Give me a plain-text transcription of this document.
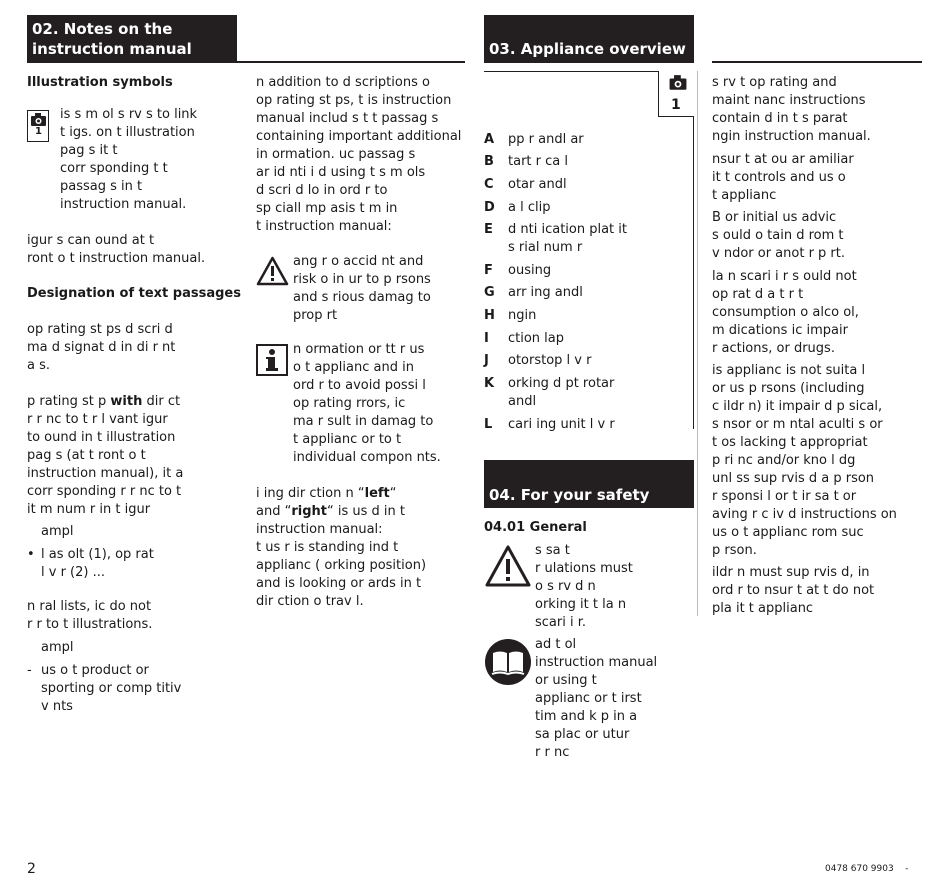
02. Notes on the
instruction manual
Illustration symbols
1

is s m ol s rv s to link

t igs. on t illustration

pag s it t

corr sponding t t

passag s in t

instruction manual.

igur s can ound at t

ront o t instruction manual.

Designation of text passages

op rating st ps d scri d

ma d signat d in di r nt

a s.

p rating st p with dir ct

r r nc to t r l vant igur

to ound in t illustration

pag s (at t ront o t

instruction manual), it a

corr sponding r r nc to t

it m num r in t igur

ampl
• l as olt (1), op rat

l v r (2) ...

n ral lists, ic do not

r r to t illustrations.

ampl
- us o t product or

sporting or comp titiv

v nts

n addition to d scriptions o

op rating st ps, t is instruction

manual includ s t t passag s

containing important additional

in ormation. uc passag s

ar id nti i d using t s m ols

d scri d lo in ord r to

sp ciall mp asis t m in

t instruction manual:

ang r o accid nt and

risk o in ur to p rsons

and s rious damag to

prop rt

n ormation or tt r us

o t applianc and in

ord r to avoid possi l

op rating rrors, ic

ma r sult in damag to

t applianc or to t

individual compon nts.

i ing dir ction n “left“

and “right“ is us d in t

instruction manual:

t us r is standing ind t

applianc ( orking position)

and is looking or ards in t

dir ction o trav l.

03. Appliance overview
1
A pp r andl ar
B tart r ca l
C otar andl
D a l clip
E d nti ication plat it
s rial num r
F ousing
G arr ing andl
H ngin
I ction lap
J otorstop l v r
K orking d pt rotar
andl
L cari ing unit l v r
04. For your safety
04.01 General

s sa t

r ulations must

o s rv d n

orking it t la n

scari i r.

ad t ol

instruction manual

or using t

applianc or t irst

tim and k p in a

sa plac or utur

r r nc

s rv t op rating and

maint nanc instructions

contain d in t s parat

ngin instruction manual.

nsur t at ou ar amiliar

it t controls and us o

t applianc

B or initial us advic

s ould o tain d rom t

v ndor or anot r p rt.

la n scari i r s ould not

op rat d a t r t

consumption o alco ol,

m dications ic impair

r actions, or drugs.

is applianc is not suita l

or us p rsons (including

c ildr n) it impair d p sical,

s nsor or m ntal aculti s or

t os lacking t appropriat

p ri nc and/or kno l dg

unl ss sup rvis d a p rson

r sponsi l or t ir sa t or

aving r c iv d instructions on

us o t applianc rom suc

p rson.

ildr n must sup rvis d, in

ord r to nsur t at t do not

pla it t applianc

2	0478 670 9903    -
